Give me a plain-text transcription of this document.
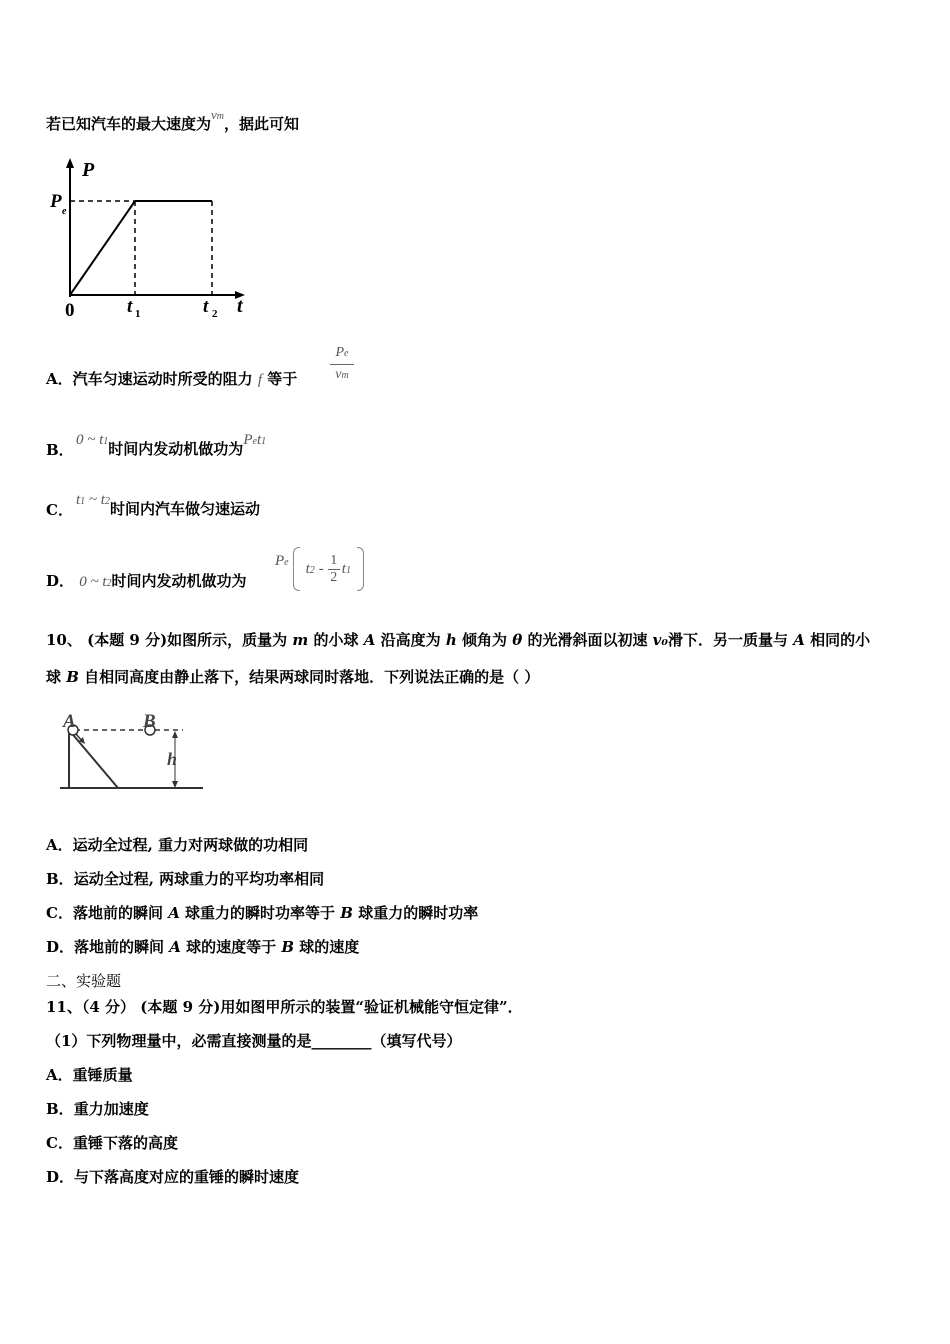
若已知汽车的最大速度为vm，据此可知
P
P e
0	t 1	t 2 t
A．汽车匀速运动时所受的阻力 f 等于
Pe
vm
B．
0 ~ t1时间内发动机做功为Pet1
C．
t1 ~ t2时间内汽车做匀速运动
D． 0 ~ t2时间内发动机做功为
Pe t2 -
1
2
t1
10、 (本题 9 分)如图所示，质量为 m 的小球 A 沿高度为 h 倾角为 θ 的光滑斜面以初速 v₀滑下．另一质量与 A 相同的小
球 B 自相同高度由静止落下，结果两球同时落地．下列说法正确的是（ ）
A	B
h
A．运动全过程, 重力对两球做的功相同
B．运动全过程, 两球重力的平均功率相同
C．落地前的瞬间 A 球重力的瞬时功率等于 B 球重力的瞬时功率
D．落地前的瞬间 A 球的速度等于 B 球的速度
二、实验题
11、（4 分） (本题 9 分)用如图甲所示的装置“验证机械能守恒定律”．
（1）下列物理量中，必需直接测量的是________（填写代号）
A．重锤质量
B．重力加速度
C．重锤下落的高度
D．与下落高度对应的重锤的瞬时速度
